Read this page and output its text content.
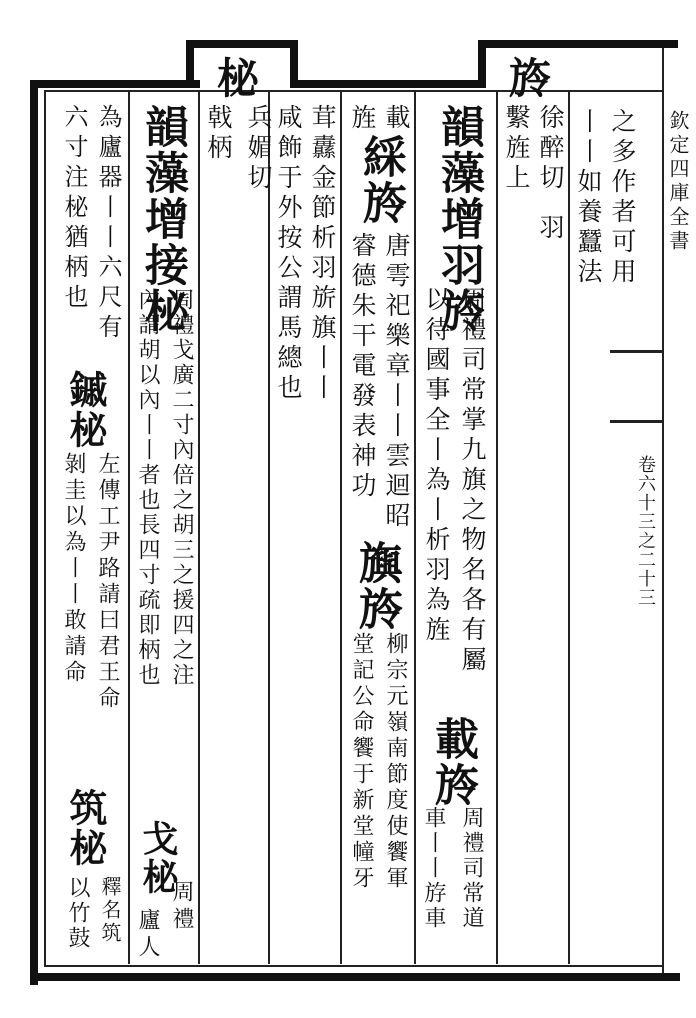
欽定四庫全書
卷六十三之二十三
之多作者可用
丨丨如養蠶法
旍
徐醉切
羽
繫旌上
韻藻增羽旍
周禮司常掌九旗之物名各有屬
以待國事全丨為丨析羽為旌
載旍
周禮司常道
車丨丨斿車
載
綵旍
唐雩祀樂章丨丨雲迴昭
旌
睿德朱干電發表神功
旟旍
柳宗元嶺南節度使饗軍
堂記公命饗于新堂幢牙
茸纛金節析羽旂旗丨丨
咸飾于外按公謂馬總也
柲
兵媚切
戟柄
韻藻增接柲
周禮戈廣二寸內倍之胡三之援四之注
內謂胡以內丨丨者也長四寸疏即柄也
戈柲
周禮
廬人
為廬器丨丨六尺有
鏚柲
左傳工尹路請曰君王命
六寸注柲猶柄也
剝圭以為丨丨敢請命
筑柲
釋名筑
以竹鼓
